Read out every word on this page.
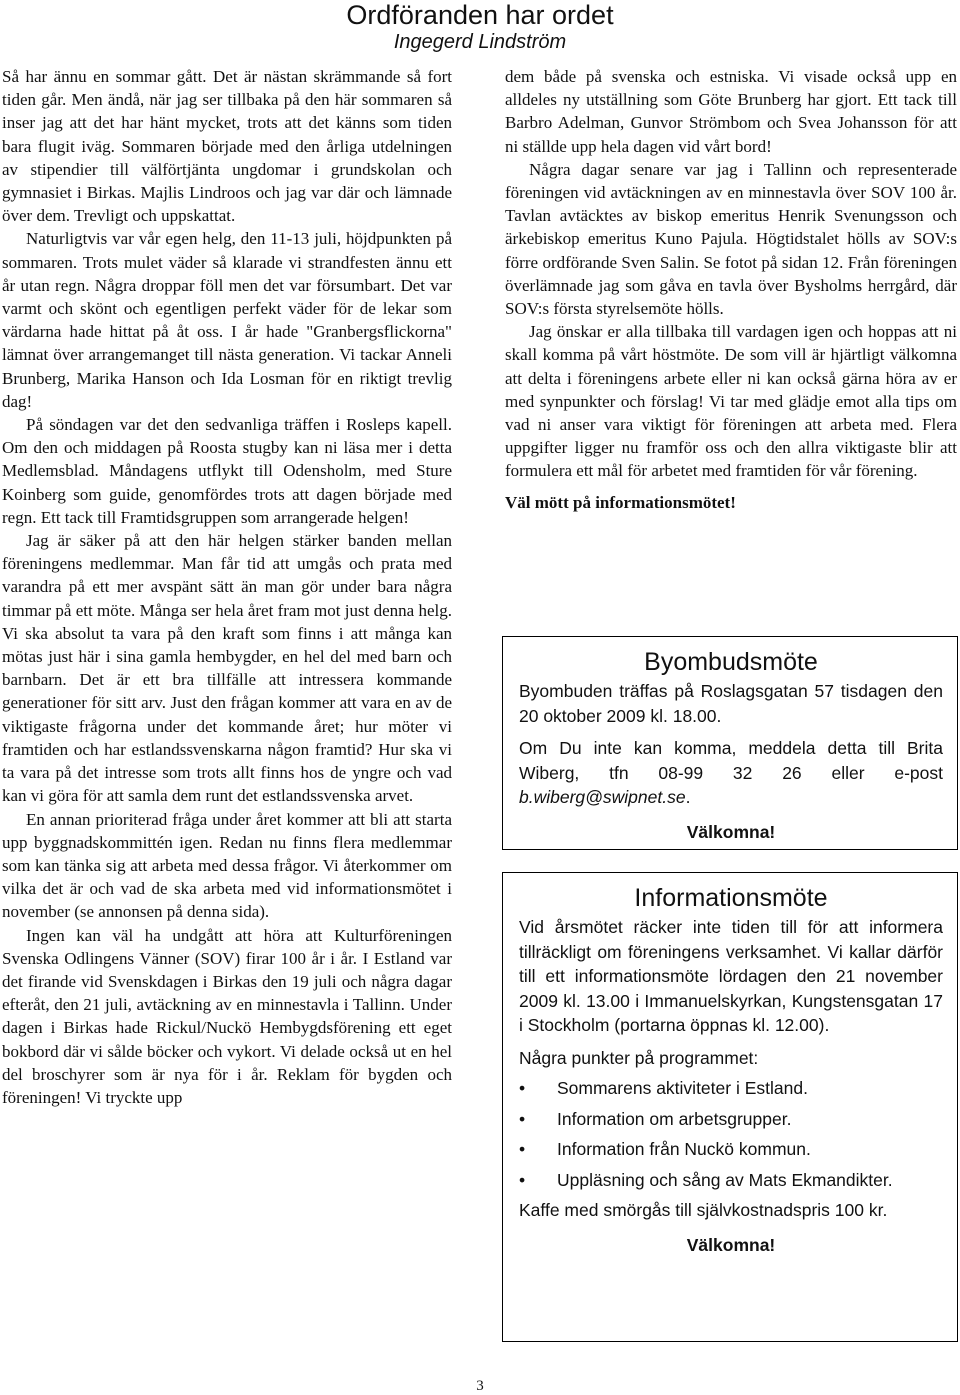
Ordföranden har ordet
Ingegerd Lindström

Så har ännu en sommar gått. Det är nästan skrämmande så fort tiden går. Men ändå, när jag ser tillbaka på den här sommaren så inser jag att det har hänt mycket, trots att det känns som tiden bara flugit iväg. Sommaren började med den årliga utdelningen av stipendier till välförtjänta ungdomar i grundskolan och gymnasiet i Birkas. Majlis Lindroos och jag var där och lämnade över dem. Trevligt och uppskattat.

Naturligtvis var vår egen helg, den 11-13 juli, höjdpunkten på sommaren. Trots mulet väder så klarade vi strandfesten ännu ett år utan regn. Några droppar föll men det var försumbart. Det var varmt och skönt och egentligen perfekt väder för de lekar som värdarna hade hittat på åt oss. I år hade "Granbergsflickorna" lämnat över arrangemanget till nästa generation. Vi tackar Anneli Brunberg, Marika Hanson och Ida Losman för en riktigt trevlig dag!

På söndagen var det den sedvanliga träffen i Rosleps kapell. Om den och middagen på Roosta stugby kan ni läsa mer i detta Medlemsblad. Måndagens utflykt till Odensholm, med Sture Koinberg som guide, genomfördes trots att dagen började med regn. Ett tack till Framtidsgruppen som arrangerade helgen!

Jag är säker på att den här helgen stärker banden mellan föreningens medlemmar. Man får tid att umgås och prata med varandra på ett mer avspänt sätt än man gör under bara några timmar på ett möte. Många ser hela året fram mot just denna helg. Vi ska absolut ta vara på den kraft som finns i att många kan mötas just här i sina gamla hembygder, en hel del med barn och barnbarn. Det är ett bra tillfälle att intressera kommande generationer för sitt arv. Just den frågan kommer att vara en av de viktigaste frågorna under det kommande året; hur möter vi framtiden och har estlandssvenskarna någon framtid? Hur ska vi ta vara på det intresse som trots allt finns hos de yngre och vad kan vi göra för att samla dem runt det estlandssvenska arvet.

En annan prioriterad fråga under året kommer att bli att starta upp byggnadskommittén igen. Redan nu finns flera medlemmar som kan tänka sig att arbeta med dessa frågor. Vi återkommer om vilka det är och vad de ska arbeta med vid informationsmötet i november (se annonsen på denna sida).

Ingen kan väl ha undgått att höra att Kulturföreningen Svenska Odlingens Vänner (SOV) firar 100 år i år. I Estland var det firande vid Svenskdagen i Birkas den 19 juli och några dagar efteråt, den 21 juli, avtäckning av en minnestavla i Tallinn. Under dagen i Birkas hade Rickul/Nuckö Hembygdsförening ett eget bokbord där vi sålde böcker och vykort. Vi delade också ut en hel del broschyrer som är nya för i år. Reklam för bygden och föreningen! Vi tryckte upp

dem både på svenska och estniska. Vi visade också upp en alldeles ny utställning som Göte Brunberg har gjort. Ett tack till Barbro Adelman, Gunvor Strömbom och Svea Johansson för att ni ställde upp hela dagen vid vårt bord!

Några dagar senare var jag i Tallinn och representerade föreningen vid avtäckningen av en minnestavla över SOV 100 år. Tavlan avtäcktes av biskop emeritus Henrik Svenungsson och ärkebiskop emeritus Kuno Pajula. Högtidstalet hölls av SOV:s förre ordförande Sven Salin. Se fotot på sidan 12. Från föreningen överlämnade jag som gåva en tavla över Bysholms herrgård, där SOV:s första styrelsemöte hölls.

Jag önskar er alla tillbaka till vardagen igen och hoppas att ni skall komma på vårt höstmöte. De som vill är hjärtligt välkomna att delta i föreningens arbete eller ni kan också gärna höra av er med synpunkter och förslag! Vi tar med glädje emot alla tips om vad ni anser vara viktigt för föreningen att arbeta med. Flera uppgifter ligger nu framför oss och den allra viktigaste blir att formulera ett mål för arbetet med framtiden för vår förening.

Väl mött på informationsmötet!

Byombudsmöte

Byombuden träffas på Roslagsgatan 57 tisdagen den 20 oktober 2009 kl. 18.00.

Om Du inte kan komma, meddela detta till Brita Wiberg, tfn 08-99 32 26 eller e-post b.wiberg@swipnet.se.

Välkomna!

Informationsmöte

Vid årsmötet räcker inte tiden till för att informera tillräckligt om föreningens verksamhet. Vi kallar därför till ett informationsmöte lördagen den 21 november 2009 kl. 13.00 i Immanuelskyrkan, Kungstensgatan 17 i Stockholm (portarna öppnas kl. 12.00).

Några punkter på programmet:

• Sommarens aktiviteter i Estland.
• Information om arbetsgrupper.
• Information från Nuckö kommun.
• Uppläsning och sång av Mats Ekmandikter.

Kaffe med smörgås till självkostnadspris 100 kr.

Välkomna!

3
